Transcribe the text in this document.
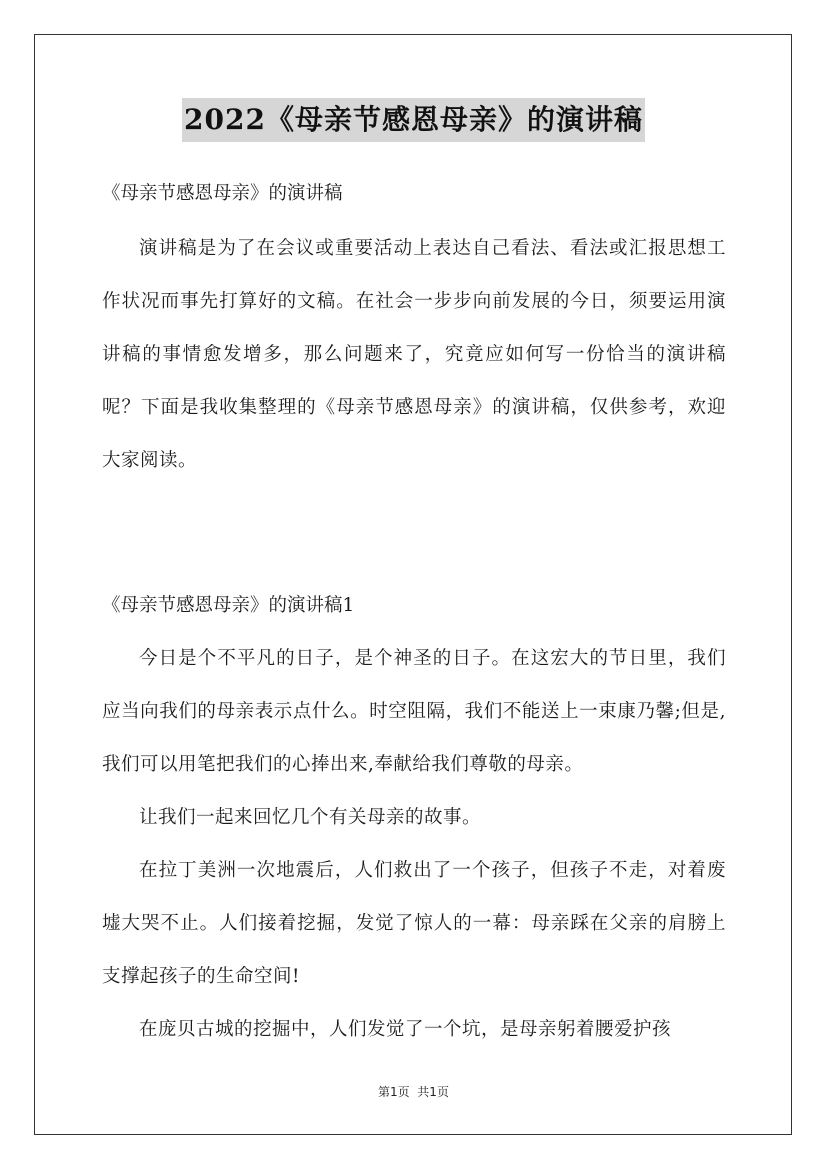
2022《母亲节感恩母亲》的演讲稿
《母亲节感恩母亲》的演讲稿

演讲稿是为了在会议或重要活动上表达自己看法、看法或汇报思想工作状况而事先打算好的文稿。在社会一步步向前发展的今日，须要运用演讲稿的事情愈发增多，那么问题来了，究竟应如何写一份恰当的演讲稿呢？下面是我收集整理的《母亲节感恩母亲》的演讲稿，仅供参考，欢迎大家阅读。

《母亲节感恩母亲》的演讲稿1

今日是个不平凡的日子，是个神圣的日子。在这宏大的节日里，我们应当向我们的母亲表示点什么。时空阻隔，我们不能送上一束康乃馨;但是,我们可以用笔把我们的心捧出来,奉献给我们尊敬的母亲。

让我们一起来回忆几个有关母亲的故事。

在拉丁美洲一次地震后，人们救出了一个孩子，但孩子不走，对着废墟大哭不止。人们接着挖掘，发觉了惊人的一幕：母亲踩在父亲的肩膀上支撑起孩子的生命空间!

在庞贝古城的挖掘中，人们发觉了一个坑，是母亲躬着腰爱护孩

第1页  共1页
